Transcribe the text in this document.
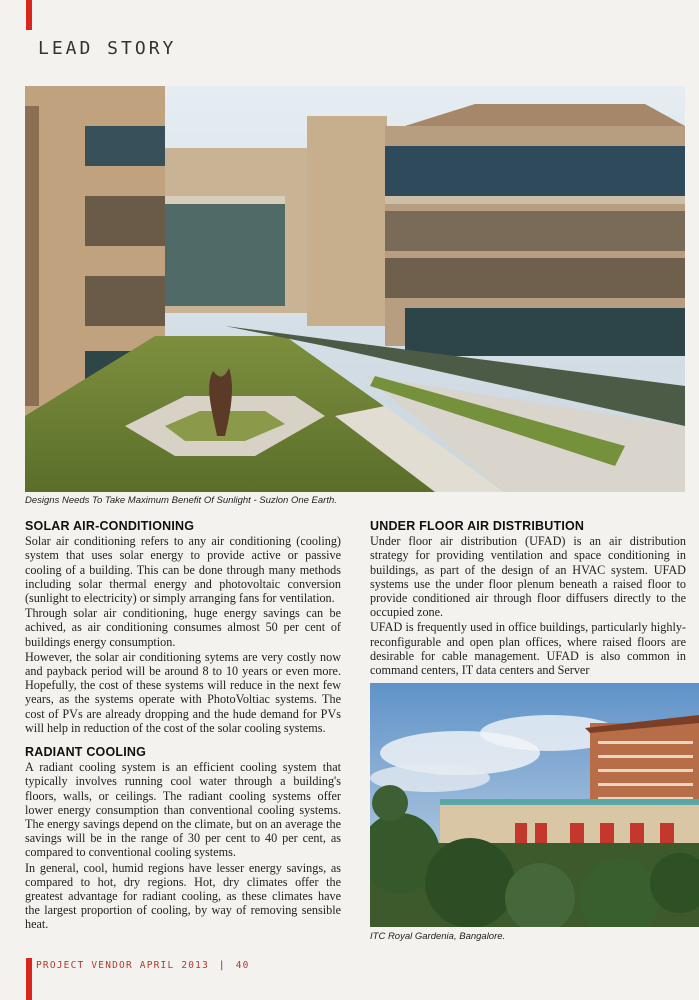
LEAD STORY
Designs Needs To Take Maximum Benefit Of Sunlight - Suzlon One Earth.
SOLAR AIR-CONDITIONING

Solar air conditioning refers to any air conditioning (cooling) system that uses solar energy to provide active or passive cooling of a building. This can be done through many methods including solar thermal energy and photovoltaic conversion (sunlight to electricity) or simply arranging fans for ventilation.

Through solar air conditioning, huge energy savings can be achived, as air conditioning consumes almost 50 per cent of buildings energy consumption.

However, the solar air conditioning sytems are very costly now and payback period will be around 8 to 10 years or even more. Hopefully, the cost of these systems will reduce in the next few years, as the systems operate with PhotoVoltiac systems. The cost of PVs are already dropping and the hude demand for PVs will help in reduction of the cost of the solar cooling systems.

RADIANT COOLING

A radiant cooling system is an efficient cooling system that typically involves running cool water through a building's floors, walls, or ceilings. The radiant cooling systems offer lower energy consumption than conventional cooling systems. The energy savings depend on the climate, but on an average the savings will be in the range of 30 per cent to 40 per cent, as compared to conventional cooling systems.

In general, cool, humid regions have lesser energy savings, as compared to hot, dry regions. Hot, dry climates offer the greatest advantage for radiant cooling, as these climates have the largest proportion of cooling, by way of removing sensible heat.

UNDER FLOOR AIR DISTRIBUTION

Under floor air distribution (UFAD) is an air distribution strategy for providing ventilation and space conditioning in buildings, as part of the design of an HVAC system. UFAD systems use the under floor plenum beneath a raised floor to provide conditioned air through floor diffusers directly to the occupied zone.

UFAD is frequently used in office buildings, particularly highly-reconfigurable and open plan offices, where raised floors are desirable for cable management. UFAD is also common in command centers, IT data centers and Server

ITC Royal Gardenia, Bangalore.
PROJECT VENDOR APRIL 2013 | 40
